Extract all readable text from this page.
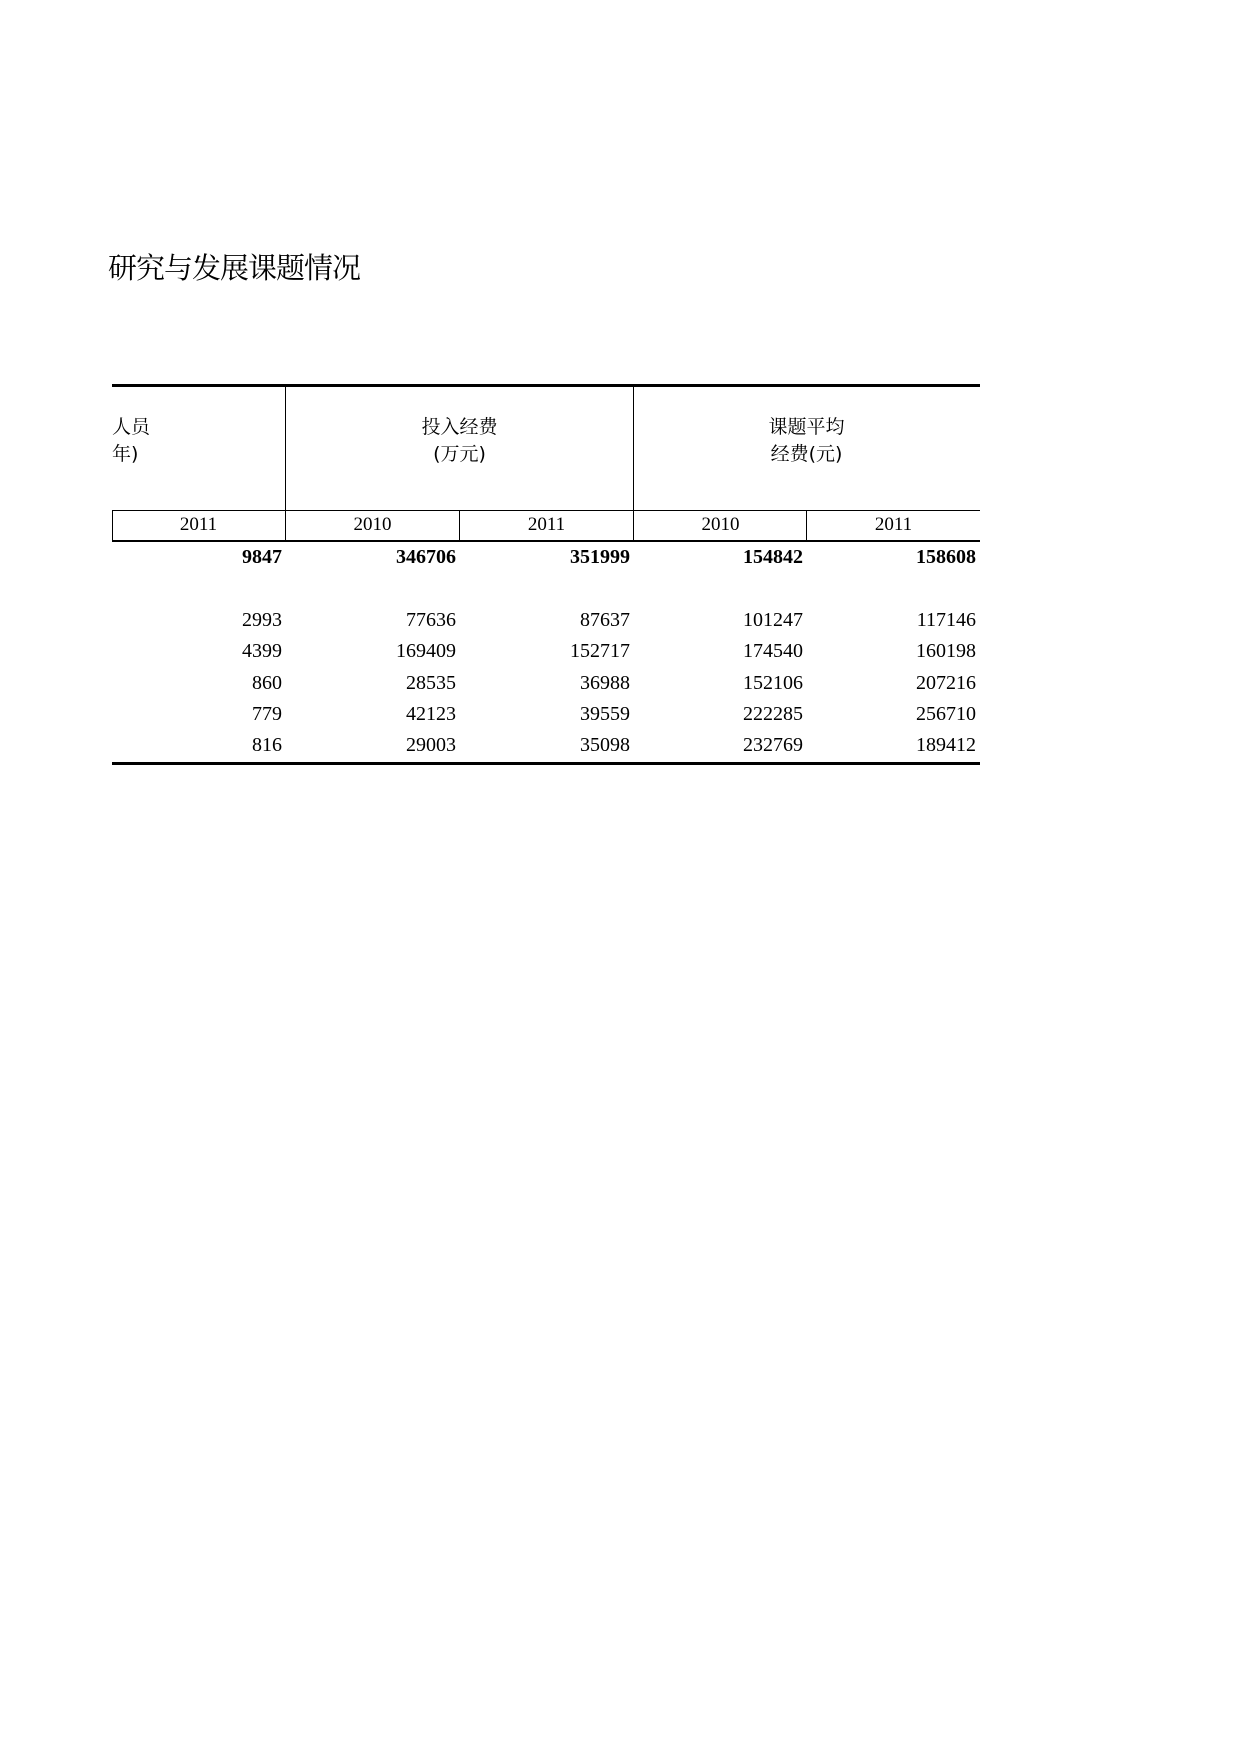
研究与发展课题情况
人员
年)
投入经费
(万元)
课题平均
经费(元)
2011	2010	2011	2010	2011
9847	346706	351999	154842	158608
2993	77636	87637	101247	117146
4399	169409	152717	174540	160198
860	28535	36988	152106	207216
779	42123	39559	222285	256710
816	29003	35098	232769	189412
